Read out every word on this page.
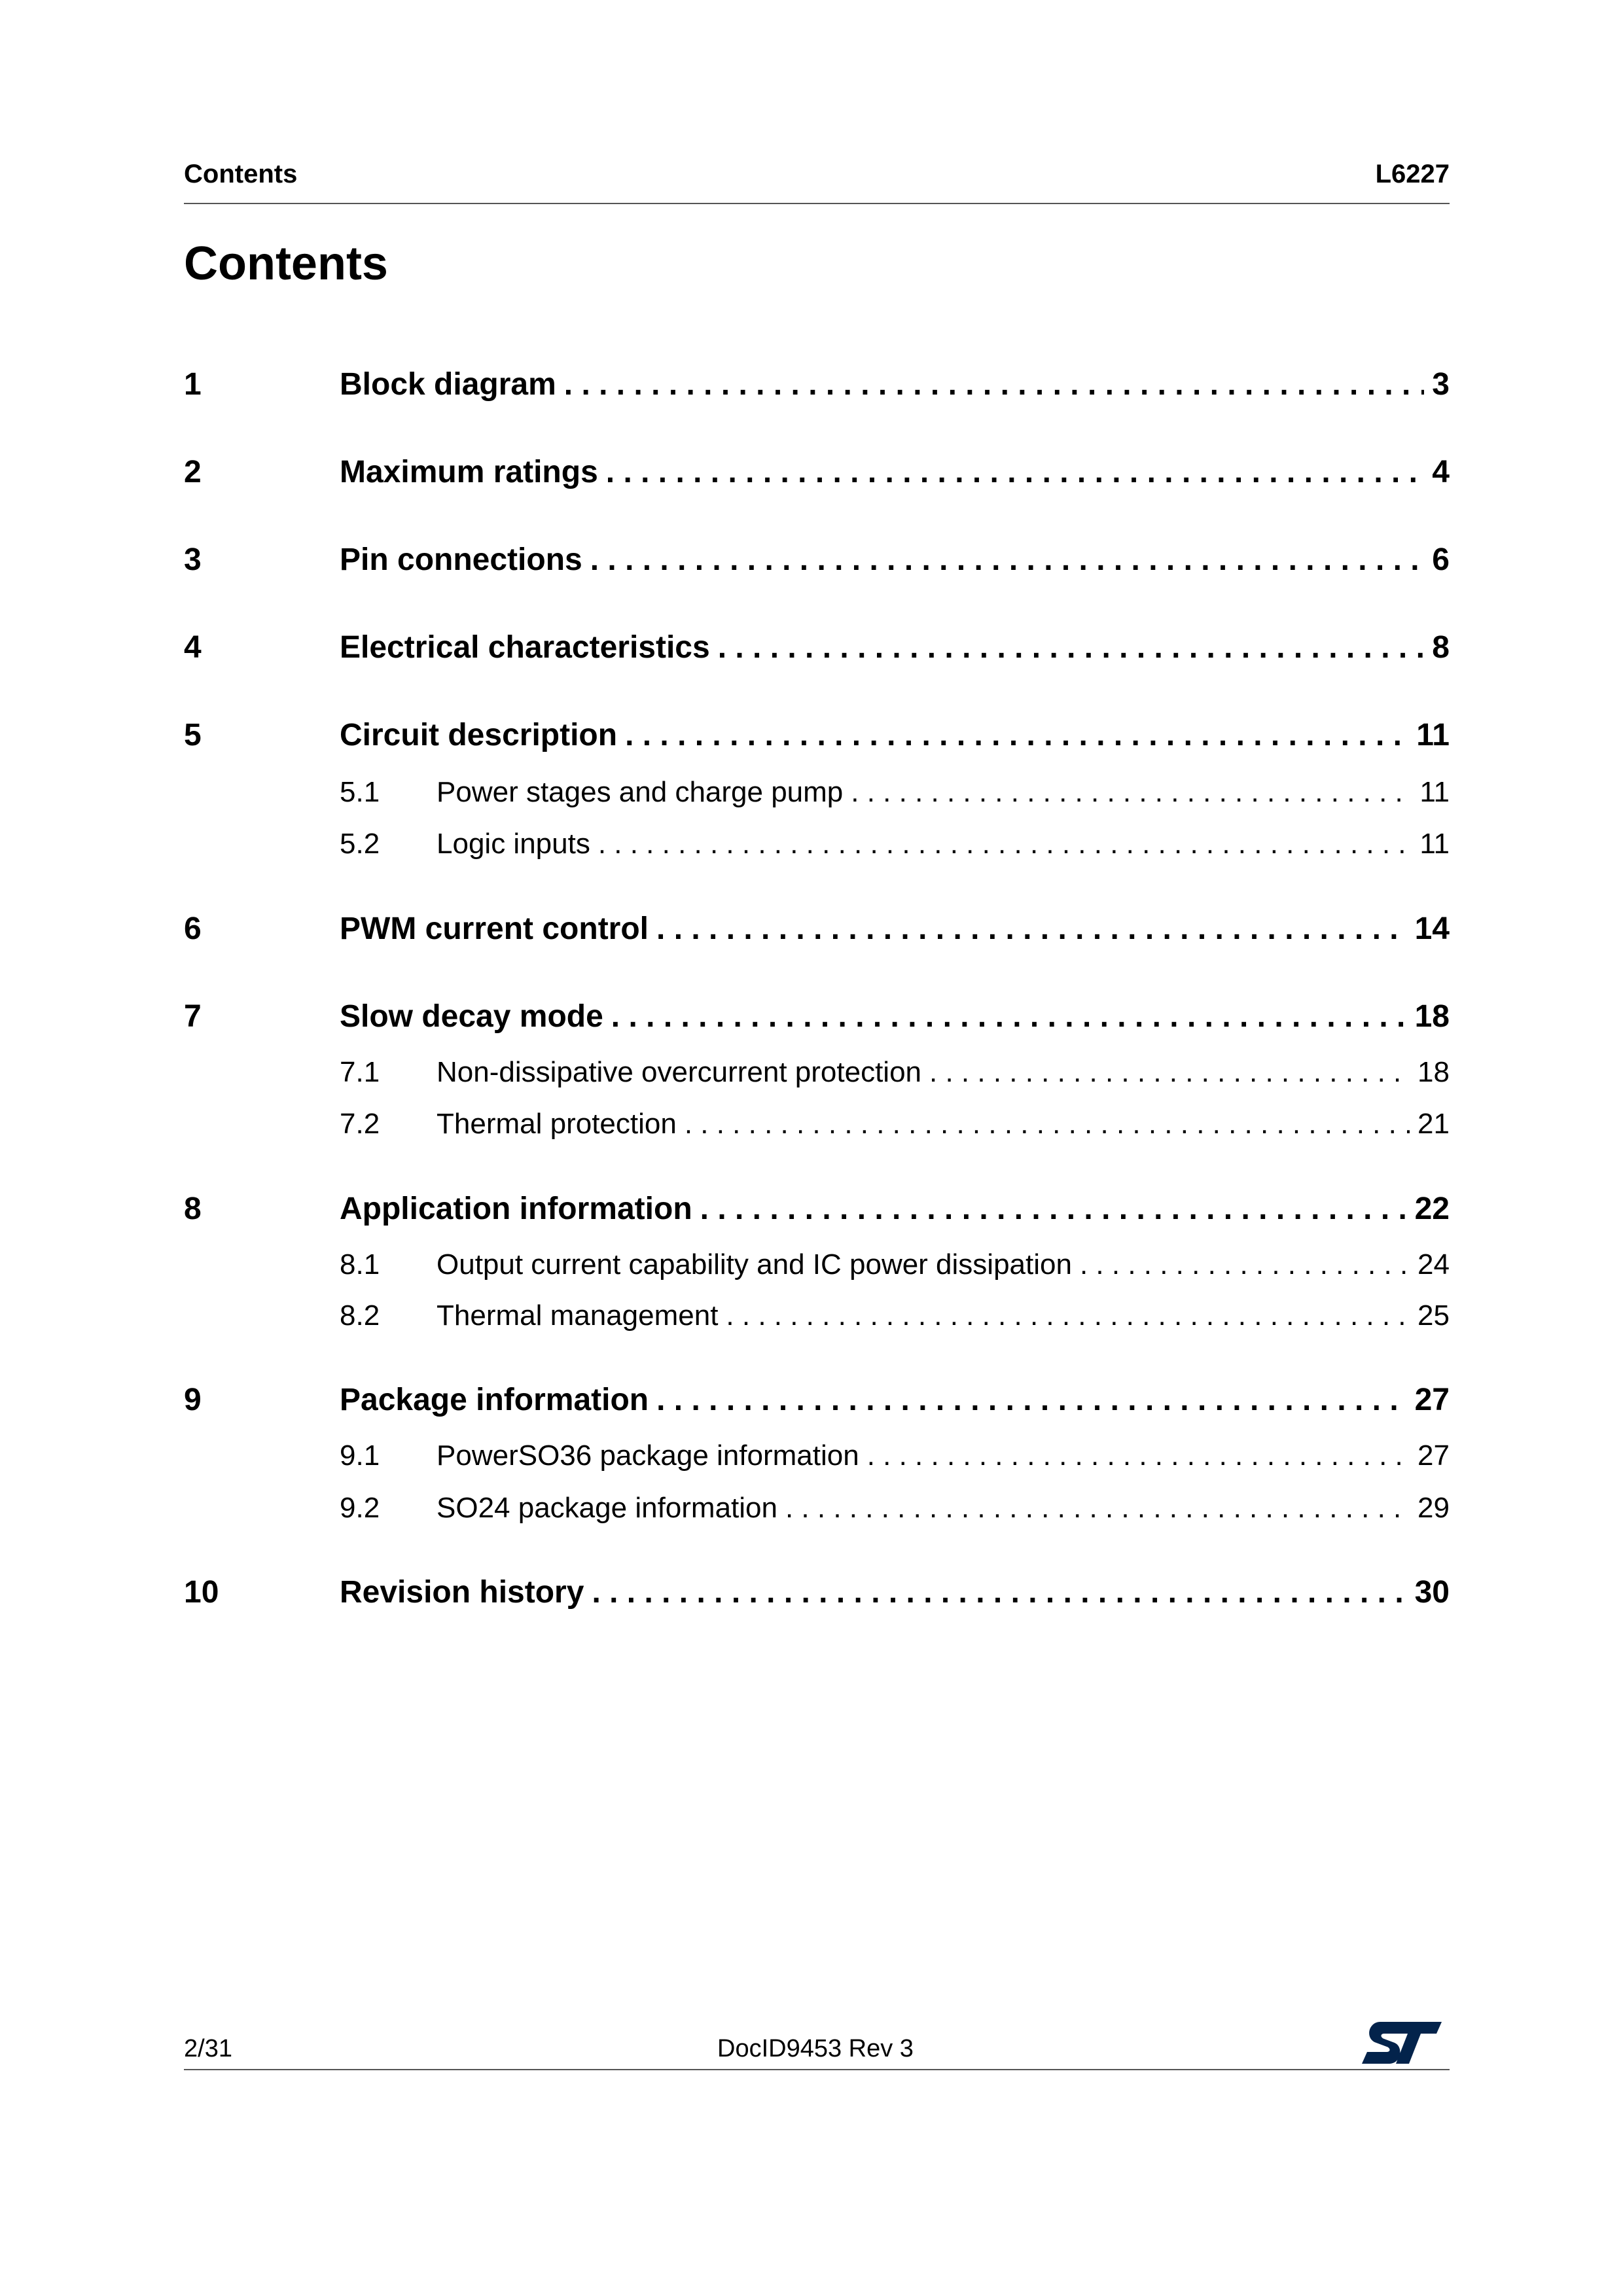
Contents	L6227
Contents
1	Block diagram . . .	3
2	Maximum ratings . . .	4
3	Pin connections . . .	6
4	Electrical characteristics . . .	8
5	Circuit description . . .	11
5.1	Power stages and charge pump . . .	11
5.2	Logic inputs . . .	11
6	PWM current control . . .	14
7	Slow decay mode . . .	18
7.1	Non-dissipative overcurrent protection . . .	18
7.2	Thermal protection . . .	21
8	Application information . . .	22
8.1	Output current capability and IC power dissipation . . .	24
8.2	Thermal management . . .	25
9	Package information . . .	27
9.1	PowerSO36 package information . . .	27
9.2	SO24 package information . . .	29
10	Revision history . . .	30
2/31	DocID9453 Rev 3
